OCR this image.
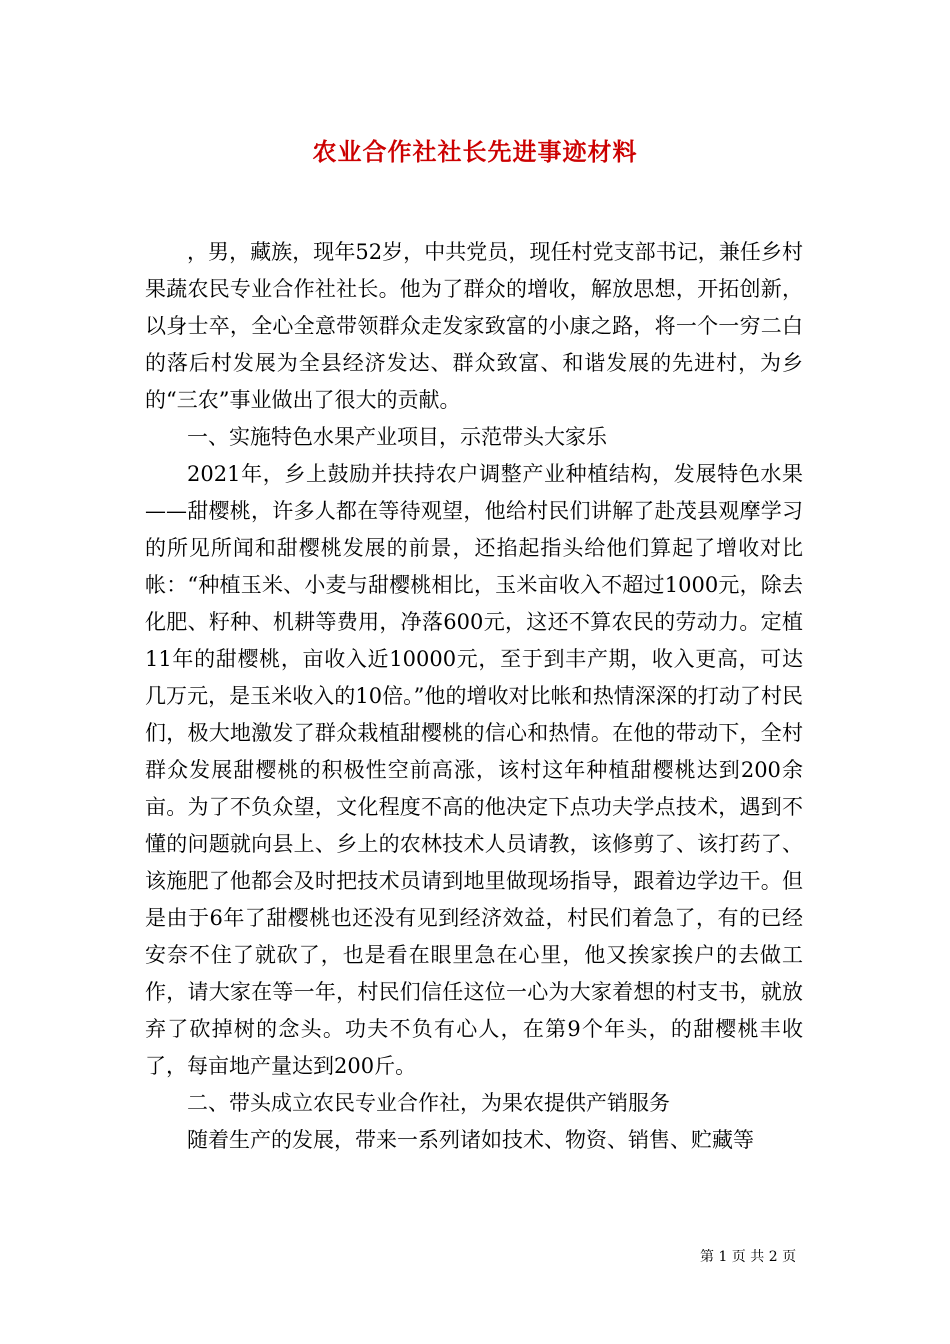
农业合作社社长先进事迹材料

，男，藏族，现年52岁，中共党员，现任村党支部书记，兼任乡村果蔬农民专业合作社社长。他为了群众的增收，解放思想，开拓创新，以身士卒，全心全意带领群众走发家致富的小康之路，将一个一穷二白的落后村发展为全县经济发达、群众致富、和谐发展的先进村，为乡的“三农”事业做出了很大的贡献。

一、实施特色水果产业项目，示范带头大家乐

2021年，乡上鼓励并扶持农户调整产业种植结构，发展特色水果——甜樱桃，许多人都在等待观望，他给村民们讲解了赴茂县观摩学习的所见所闻和甜樱桃发展的前景，还掐起指头给他们算起了增收对比帐：“种植玉米、小麦与甜樱桃相比，玉米亩收入不超过1000元，除去化肥、籽种、机耕等费用，净落600元，这还不算农民的劳动力。定植11年的甜樱桃，亩收入近10000元，至于到丰产期，收入更高，可达几万元，是玉米收入的10倍。”他的增收对比帐和热情深深的打动了村民们，极大地激发了群众栽植甜樱桃的信心和热情。在他的带动下，全村群众发展甜樱桃的积极性空前高涨，该村这年种植甜樱桃达到200余亩。为了不负众望，文化程度不高的他决定下点功夫学点技术，遇到不懂的问题就向县上、乡上的农林技术人员请教，该修剪了、该打药了、该施肥了他都会及时把技术员请到地里做现场指导，跟着边学边干。但是由于6年了甜樱桃也还没有见到经济效益，村民们着急了，有的已经安奈不住了就砍了，也是看在眼里急在心里，他又挨家挨户的去做工作，请大家在等一年，村民们信任这位一心为大家着想的村支书，就放弃了砍掉树的念头。功夫不负有心人，在第9个年头，的甜樱桃丰收了，每亩地产量达到200斤。

二、带头成立农民专业合作社，为果农提供产销服务

随着生产的发展，带来一系列诸如技术、物资、销售、贮藏等

第 1 页 共 2 页
